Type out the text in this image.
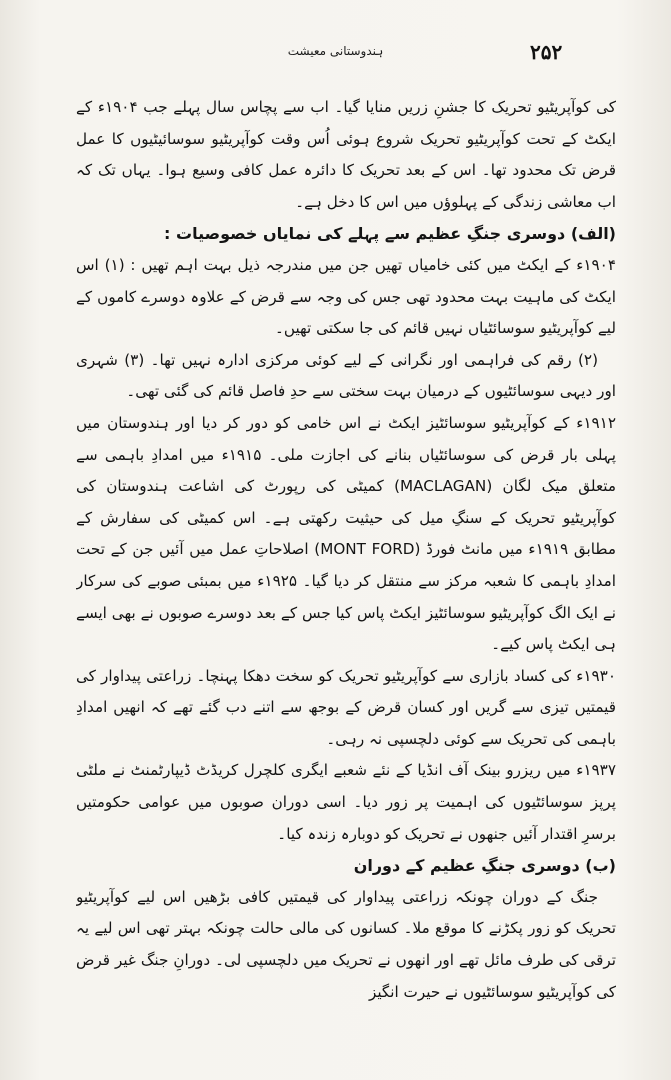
ہندوستانی معیشت	۲۵۲

کی کوآپریٹیو تحریک کا جشنِ زریں منایا گیا۔ اب سے پچاس سال پہلے جب ۱۹۰۴ء کے ایکٹ کے تحت کوآپریٹیو تحریک شروع ہوئی اُس وقت کوآپریٹیو سوسائیٹیوں کا عمل قرض تک محدود تھا۔ اس کے بعد تحریک کا دائرہ عمل کافی وسیع ہوا۔ یہاں تک کہ اب معاشی زندگی کے پہلوؤں میں اس کا دخل ہے۔

(الف) دوسری جنگِ عظیم سے پہلے کی نمایاں خصوصیات :

۱۹۰۴ء کے ایکٹ میں کئی خامیاں تھیں جن میں مندرجہ ذیل بہت اہم تھیں : (۱) اس ایکٹ کی ماہیت بہت محدود تھی جس کی وجہ سے قرض کے علاوہ دوسرے کاموں کے لیے کوآپریٹیو سوسائٹیاں نہیں قائم کی جا سکتی تھیں۔

(۲) رقم کی فراہمی اور نگرانی کے لیے کوئی مرکزی ادارہ نہیں تھا۔ (۳) شہری اور دیہی سوسائٹیوں کے درمیان بہت سختی سے حدِ فاصل قائم کی گئی تھی۔

۱۹۱۲ء کے کوآپریٹیو سوسائٹیز ایکٹ نے اس خامی کو دور کر دیا اور ہندوستان میں پہلی بار قرض کی سوسائٹیاں بنانے کی اجازت ملی۔ ۱۹۱۵ء میں امدادِ باہمی سے متعلق میک لگان (MACLAGAN) کمیٹی کی رپورٹ کی اشاعت ہندوستان کی کوآپریٹیو تحریک کے سنگِ میل کی حیثیت رکھتی ہے۔ اس کمیٹی کی سفارش کے مطابق ۱۹۱۹ء میں مانٹ فورڈ (MONT FORD) اصلاحاتِ عمل میں آئیں جن کے تحت امدادِ باہمی کا شعبہ مرکز سے منتقل کر دیا گیا۔ ۱۹۲۵ء میں بمبئی صوبے کی سرکار نے ایک الگ کوآپریٹیو سوسائٹیز ایکٹ پاس کیا جس کے بعد دوسرے صوبوں نے بھی ایسے ہی ایکٹ پاس کیے۔

۱۹۳۰ء کی کساد بازاری سے کوآپریٹیو تحریک کو سخت دھکا پہنچا۔ زراعتی پیداوار کی قیمتیں تیزی سے گریں اور کسان قرض کے بوجھ سے اتنے دب گئے تھے کہ انھیں امدادِ باہمی کی تحریک سے کوئی دلچسپی نہ رہی۔

۱۹۳۷ء میں ریزرو بینک آف انڈیا کے نئے شعبے ایگری کلچرل کریڈٹ ڈیپارٹمنٹ نے ملٹی پرپز سوسائٹیوں کی اہمیت پر زور دیا۔ اسی دوران صوبوں میں عوامی حکومتیں برسرِ اقتدار آئیں جنھوں نے تحریک کو دوبارہ زندہ کیا۔

(ب) دوسری جنگِ عظیم کے دوران

جنگ کے دوران چونکہ زراعتی پیداوار کی قیمتیں کافی بڑھیں اس لیے کوآپریٹیو تحریک کو زور پکڑنے کا موقع ملا۔ کسانوں کی مالی حالت چونکہ بہتر تھی اس لیے یہ ترقی کی طرف مائل تھے اور انھوں نے تحریک میں دلچسپی لی۔ دورانِ جنگ غیر قرض کی کوآپریٹیو سوسائٹیوں نے حیرت انگیز
